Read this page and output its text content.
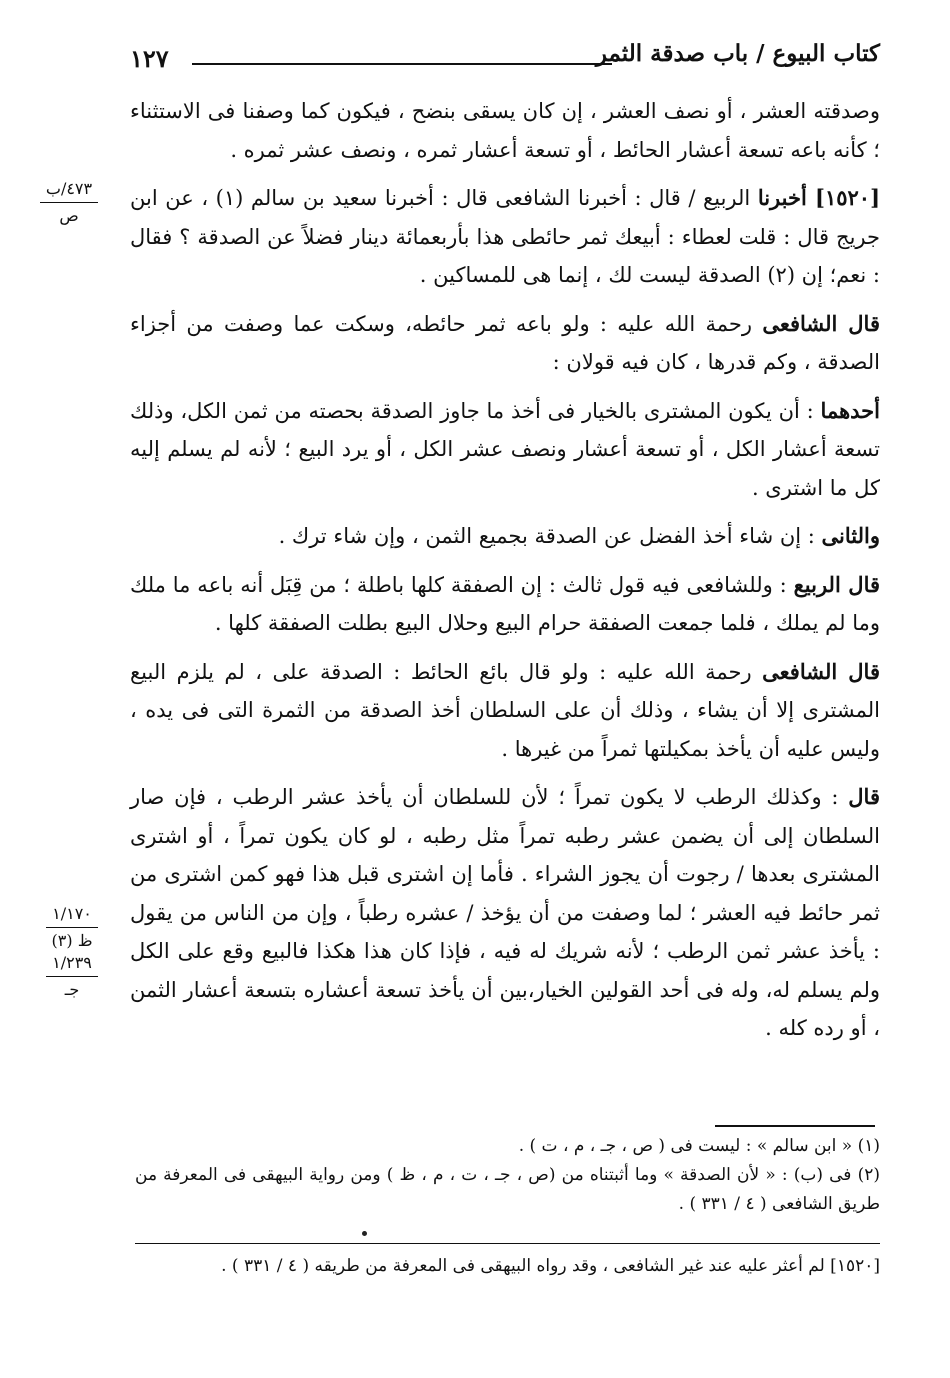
كتاب البيوع / باب صدقة الثمر
١٢٧
٤٧٣/ب
ص
١/١٧٠
ظ (٣)
١/٢٣٩
جـ

وصدقته العشر ، أو نصف العشر ، إن كان يسقى بنضح ، فيكون كما وصفنا فى الاستثناء ؛ كأنه باعه تسعة أعشار الحائط ، أو تسعة أعشار ثمره ، ونصف عشر ثمره .

[١٥٢٠] أخبرنا الربيع / قال : أخبرنا الشافعى قال : أخبرنا سعيد بن سالم (١) ، عن ابن جريج قال : قلت لعطاء : أبيعك ثمر حائطى هذا بأربعمائة دينار فضلاً عن الصدقة ؟ فقال : نعم؛ إن (٢) الصدقة ليست لك ، إنما هى للمساكين .

قال الشافعى رحمة الله عليه : ولو باعه ثمر حائطه، وسكت عما وصفت من أجزاء الصدقة ، وكم قدرها ، كان فيه قولان :

أحدهما : أن يكون المشترى بالخيار فى أخذ ما جاوز الصدقة بحصته من ثمن الكل، وذلك تسعة أعشار الكل ، أو تسعة أعشار ونصف عشر الكل ، أو يرد البيع ؛ لأنه لم يسلم إليه كل ما اشترى .

والثانى : إن شاء أخذ الفضل عن الصدقة بجميع الثمن ، وإن شاء ترك .

قال الربيع : وللشافعى فيه قول ثالث : إن الصفقة كلها باطلة ؛ من قِبَل أنه باعه ما ملك وما لم يملك ، فلما جمعت الصفقة حرام البيع وحلال البيع بطلت الصفقة كلها .

قال الشافعى رحمة الله عليه : ولو قال بائع الحائط : الصدقة على ، لم يلزم البيع المشترى إلا أن يشاء ، وذلك أن على السلطان أخذ الصدقة من الثمرة التى فى يده ، وليس عليه أن يأخذ بمكيلتها ثمراً من غيرها .

قال : وكذلك الرطب لا يكون تمراً ؛ لأن للسلطان أن يأخذ عشر الرطب ، فإن صار السلطان إلى أن يضمن عشر رطبه تمراً مثل رطبه ، لو كان يكون تمراً ، أو اشترى المشترى بعدها / رجوت أن يجوز الشراء . فأما إن اشترى قبل هذا فهو كمن اشترى من ثمر حائط فيه العشر ؛ لما وصفت من أن يؤخذ / عشره رطباً ، وإن من الناس من يقول : يأخذ عشر ثمن الرطب ؛ لأنه شريك له فيه ، فإذا كان هذا هكذا فالبيع وقع على الكل ولم يسلم له، وله فى أحد القولين الخيار،بين أن يأخذ تسعة أعشاره بتسعة أعشار الثمن ، أو رده كله .

(١) « ابن سالم » : ليست فى ( ص ، جـ ، م ، ت ) .

(٢) فى (ب) : « لأن الصدقة » وما أثبتناه من (ص ، جـ ، ت ، م ، ظ ) ومن رواية البيهقى فى المعرفة من طريق الشافعى ( ٤ / ٣٣١ ) .

[١٥٢٠] لم أعثر عليه عند غير الشافعى ، وقد رواه البيهقى فى المعرفة من طريقه ( ٤ / ٣٣١ ) .
